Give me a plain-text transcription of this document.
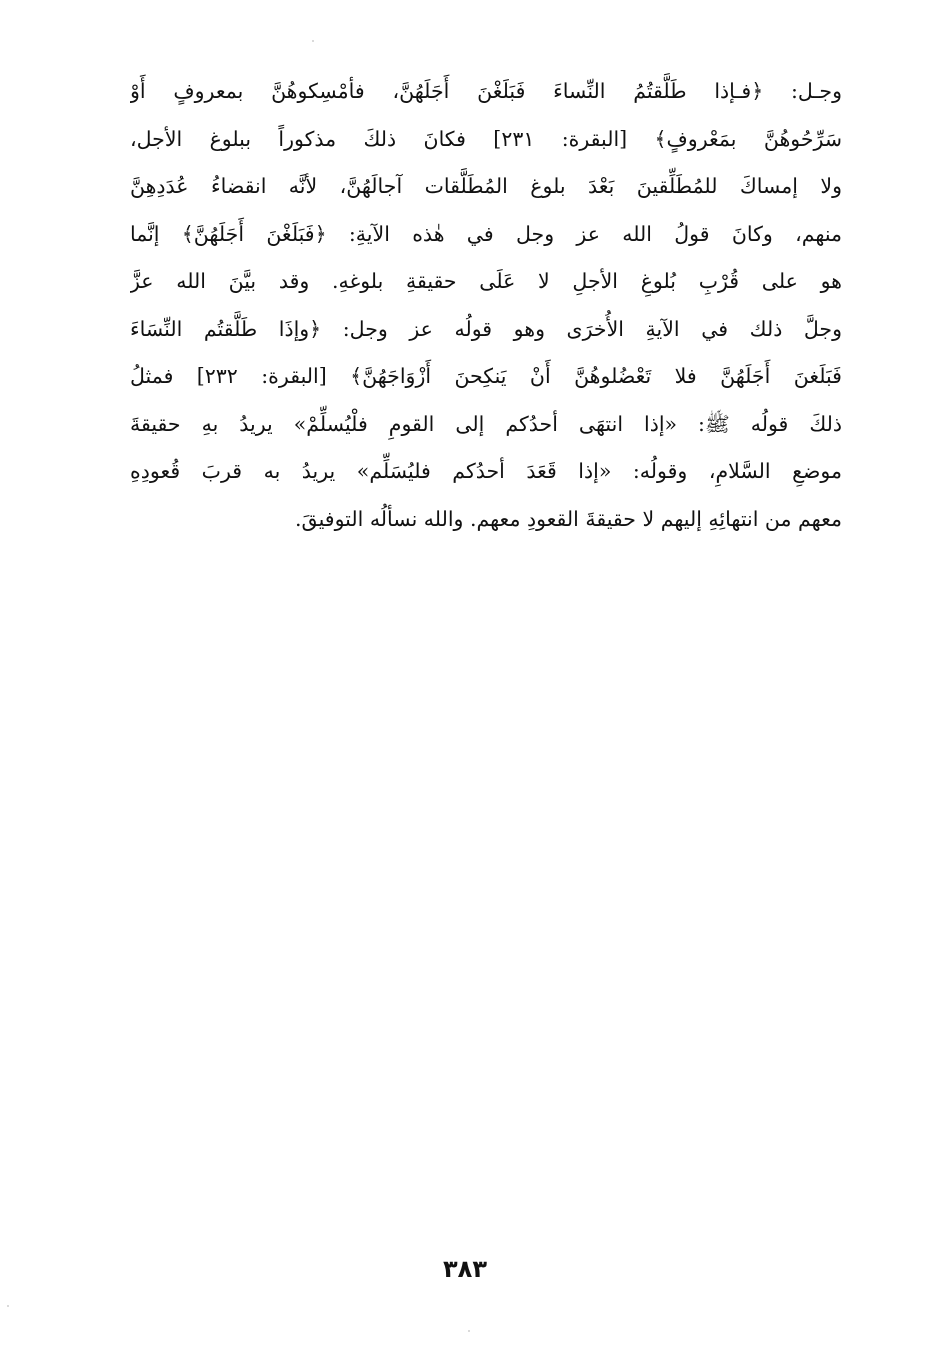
وجـل: ﴿فـإذا طَلَّقتُمُ النِّساءَ فَبَلَغْنَ أَجَلَهُنَّ، فأمْسِكوهُنَّ بمعروفٍ أَوْ
سَرِّحُوهُنَّ بمَعْروفٍ﴾ [البقرة: ٢٣١] فكانَ ذلكَ مذكوراً ببلوغ الأجل،
ولا إمساكَ للمُطَلِّقينَ بَعْدَ بلوغ المُطَلَّقات آجالَهُنَّ، لأنَّه انقضاءُ عُدَدِهِنَّ
منهم، وكانَ قولُ الله عز وجل في هٰذه الآيةِ: ﴿فَبَلَغْنَ أَجَلَهُنَّ﴾ إنَّما
هو على قُرْبِ بُلوغِ الأجلِ لا عَلَى حقيقةِ بلوغهِ. وقد بيَّنَ الله عزَّ
وجلَّ ذلك في الآيةِ الأُخرَى وهو قولُه عز وجل: ﴿وإذَا طَلَّقتُم النِّسَاءَ
فَبَلَغنَ أَجَلَهُنَّ فلا تَعْضُلوهُنَّ أَنْ يَنكِحنَ أَزْوَاجَهُنَّ﴾ [البقرة: ٢٣٢] فمثلُ
ذلكَ قولُه ﷺ: «إذا انتهَى أحدُكم إلى القومِ فلْيُسلِّمْ» يريدُ بهِ حقيقةَ
موضعِ السَّلامِ، وقولُه: «إذا قَعَدَ أحدُكم فليُسَلِّم» يريدُ به قربَ قُعودِهِ
معهم من انتهائِهِ إليهم لا حقيقةَ القعودِ معهم. والله نسألُه التوفيقَ.
٣٨٣
